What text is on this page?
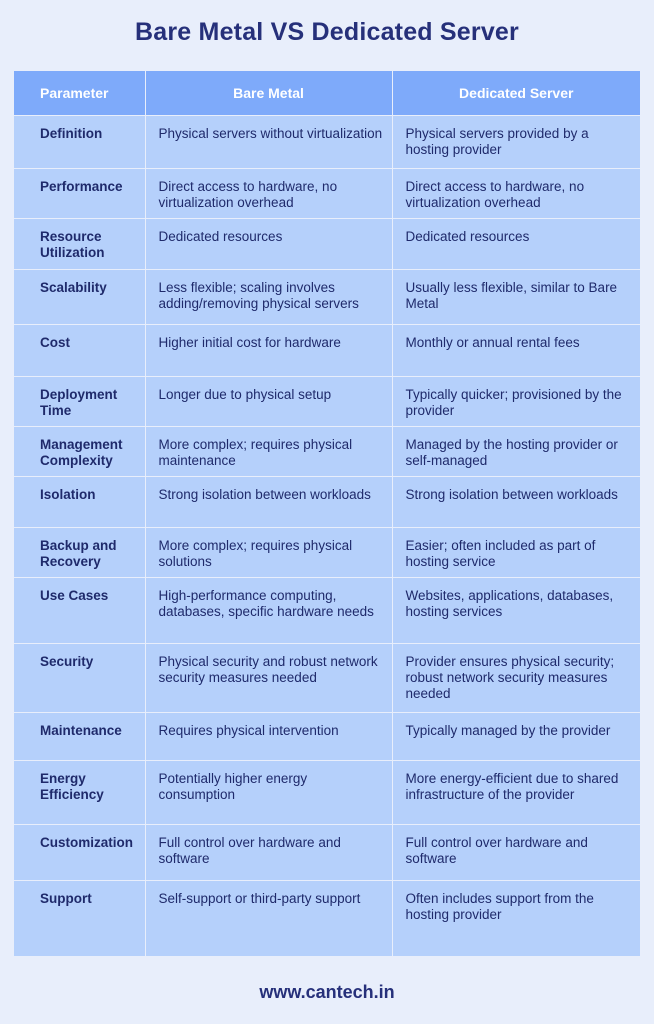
Bare Metal VS Dedicated Server
Parameter	Bare Metal	Dedicated Server
Definition	Physical servers without virtualization	Physical servers provided by a hosting provider
Performance	Direct access to hardware, no virtualization overhead	Direct access to hardware, no virtualization overhead
Resource Utilization	Dedicated resources	Dedicated resources
Scalability	Less flexible; scaling involves adding/removing physical servers	Usually less flexible, similar to Bare Metal
Cost	Higher initial cost for hardware	Monthly or annual rental fees
Deployment Time	Longer due to physical setup	Typically quicker; provisioned by the provider
Management Complexity	More complex; requires physical maintenance	Managed by the hosting provider or self-managed
Isolation	Strong isolation between workloads	Strong isolation between workloads
Backup and Recovery	More complex; requires physical solutions	Easier; often included as part of hosting service
Use Cases	High-performance computing, databases, specific hardware needs	Websites, applications, databases, hosting services
Security	Physical security and robust network security measures needed	Provider ensures physical security; robust network security measures needed
Maintenance	Requires physical intervention	Typically managed by the provider
Energy Efficiency	Potentially higher energy consumption	More energy-efficient due to shared infrastructure of the provider
Customization	Full control over hardware and software	Full control over hardware and software
Support	Self-support or third-party support	Often includes support from the hosting provider
www.cantech.in
